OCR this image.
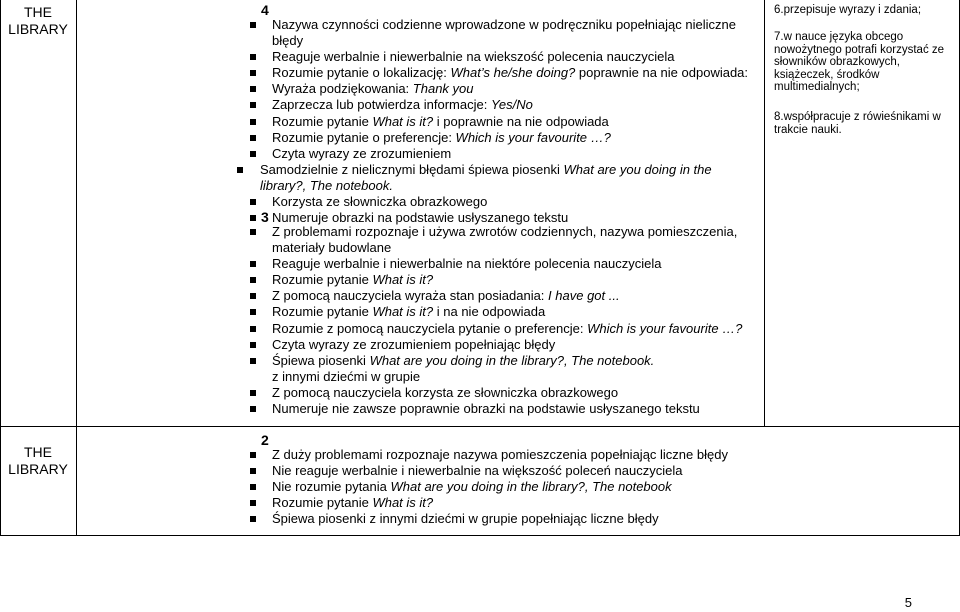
THE
LIBRARY
4
Nazywa czynności codzienne wprowadzone w podręczniku popełniając nieliczne błędy
Reaguje werbalnie i niewerbalnie na wiekszość polecenia nauczyciela
Rozumie pytanie o lokalizację: What’s he/she doing? poprawnie na nie odpowiada:
Wyraża podziękowania: Thank you
Zaprzecza lub potwierdza informacje: Yes/No
Rozumie pytanie What is it? i poprawnie na nie odpowiada
Rozumie pytanie o preferencje: Which is your favourite …?
Czyta wyrazy ze zrozumieniem
Samodzielnie z nielicznymi błędami śpiewa piosenki What are you doing in the library?, The notebook.
Korzysta ze słowniczka obrazkowego
Numeruje obrazki na podstawie usłyszanego tekstu
3
Z problemami rozpoznaje i używa zwrotów codziennych, nazywa pomieszczenia, materiały budowlane
Reaguje werbalnie i niewerbalnie na niektóre polecenia nauczyciela
Rozumie pytanie What is it?
Z pomocą nauczyciela wyraża stan posiadania: I have got ...
Rozumie pytanie What is it? i na nie odpowiada
Rozumie z pomocą nauczyciela pytanie o preferencje: Which is your favourite …?
Czyta wyrazy ze zrozumieniem popełniając błędy
Śpiewa piosenki What are you doing in the library?, The notebook.
z innymi dziećmi w grupie
Z pomocą nauczyciela korzysta ze słowniczka obrazkowego
Numeruje nie zawsze poprawnie obrazki na podstawie usłyszanego tekstu
6.przepisuje wyrazy i zdania;
7.w nauce języka obcego nowożytnego potrafi korzystać ze słowników obrazkowych, książeczek, środków multimedialnych;
8.współpracuje z rówieśnikami w trakcie nauki.
THE
LIBRARY
2
Z duży problemami rozpoznaje nazywa pomieszczenia popełniając liczne błędy
Nie reaguje werbalnie i niewerbalnie na większość poleceń nauczyciela
Nie rozumie pytania What are you doing in the library?, The notebook
Rozumie pytanie What is it?
Śpiewa piosenki z innymi dziećmi w grupie popełniając liczne błędy
5
